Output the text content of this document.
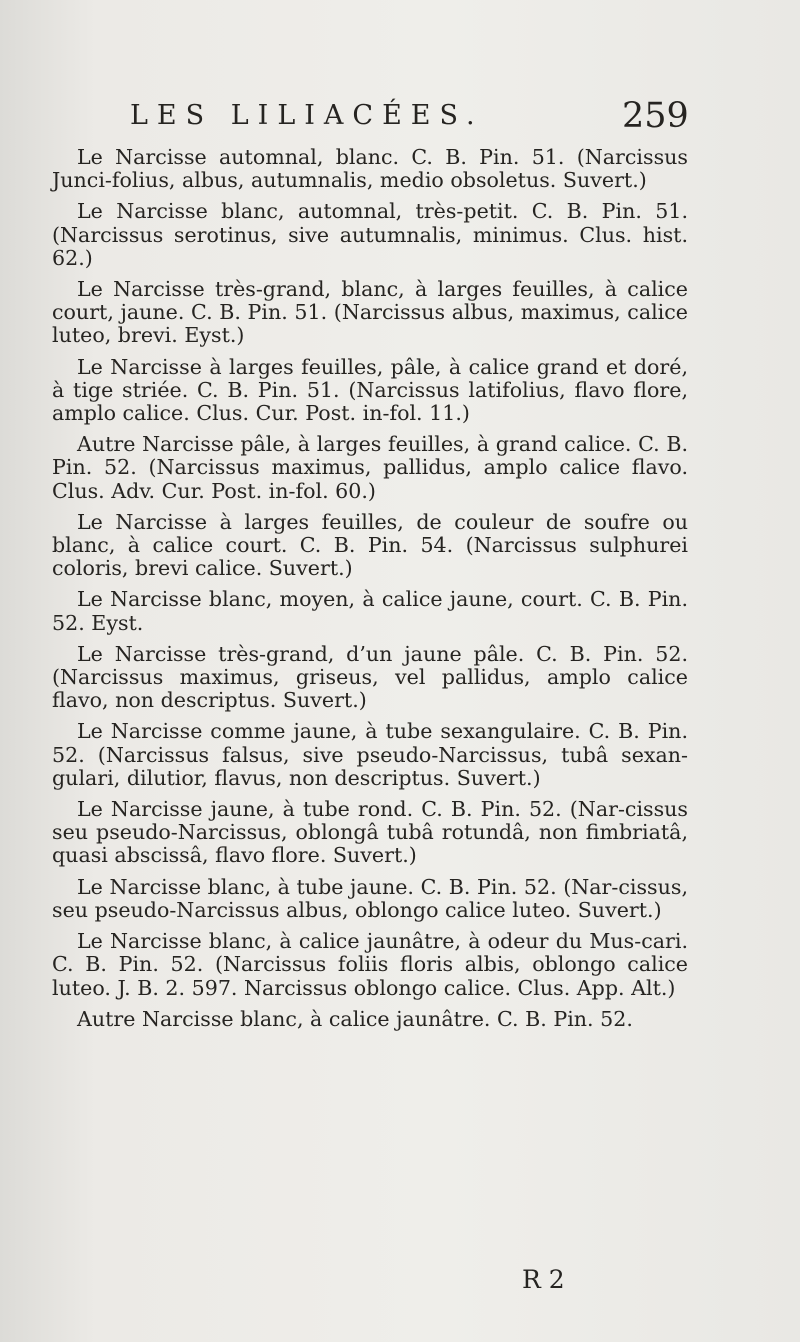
LES LILIACÉES.	259

Le Narcisse automnal, blanc. C. B. Pin. 51. (Narcissus Junci-folius, albus, autumnalis, medio obsoletus. Suvert.)

Le Narcisse blanc, automnal, très-petit. C. B. Pin. 51. (Narcissus serotinus, sive autumnalis, minimus. Clus. hist. 62.)

Le Narcisse très-grand, blanc, à larges feuilles, à calice court, jaune. C. B. Pin. 51. (Narcissus albus, maximus, calice luteo, brevi. Eyst.)

Le Narcisse à larges feuilles, pâle, à calice grand et doré, à tige striée. C. B. Pin. 51. (Narcissus latifolius, flavo flore, amplo calice. Clus. Cur. Post. in-fol. 11.)

Autre Narcisse pâle, à larges feuilles, à grand calice. C. B. Pin. 52. (Narcissus maximus, pallidus, amplo calice flavo. Clus. Adv. Cur. Post. in-fol. 60.)

Le Narcisse à larges feuilles, de couleur de soufre ou blanc, à calice court. C. B. Pin. 54. (Narcissus sulphurei coloris, brevi calice. Suvert.)

Le Narcisse blanc, moyen, à calice jaune, court. C. B. Pin. 52. Eyst.

Le Narcisse très-grand, d’un jaune pâle. C. B. Pin. 52. (Narcissus maximus, griseus, vel pallidus, amplo calice flavo, non descriptus. Suvert.)

Le Narcisse comme jaune, à tube sexangulaire. C. B. Pin. 52. (Narcissus falsus, sive pseudo-Narcissus, tubâ sexan-gulari, dilutior, flavus, non descriptus. Suvert.)

Le Narcisse jaune, à tube rond. C. B. Pin. 52. (Nar-cissus seu pseudo-Narcissus, oblongâ tubâ rotundâ, non fimbriatâ, quasi abscissâ, flavo flore. Suvert.)

Le Narcisse blanc, à tube jaune. C. B. Pin. 52. (Nar-cissus, seu pseudo-Narcissus albus, oblongo calice luteo. Suvert.)

Le Narcisse blanc, à calice jaunâtre, à odeur du Mus-cari. C. B. Pin. 52. (Narcissus foliis floris albis, oblongo calice luteo. J. B. 2. 597. Narcissus oblongo calice. Clus. App. Alt.)

Autre Narcisse blanc, à calice jaunâtre. C. B. Pin. 52.

R 2
